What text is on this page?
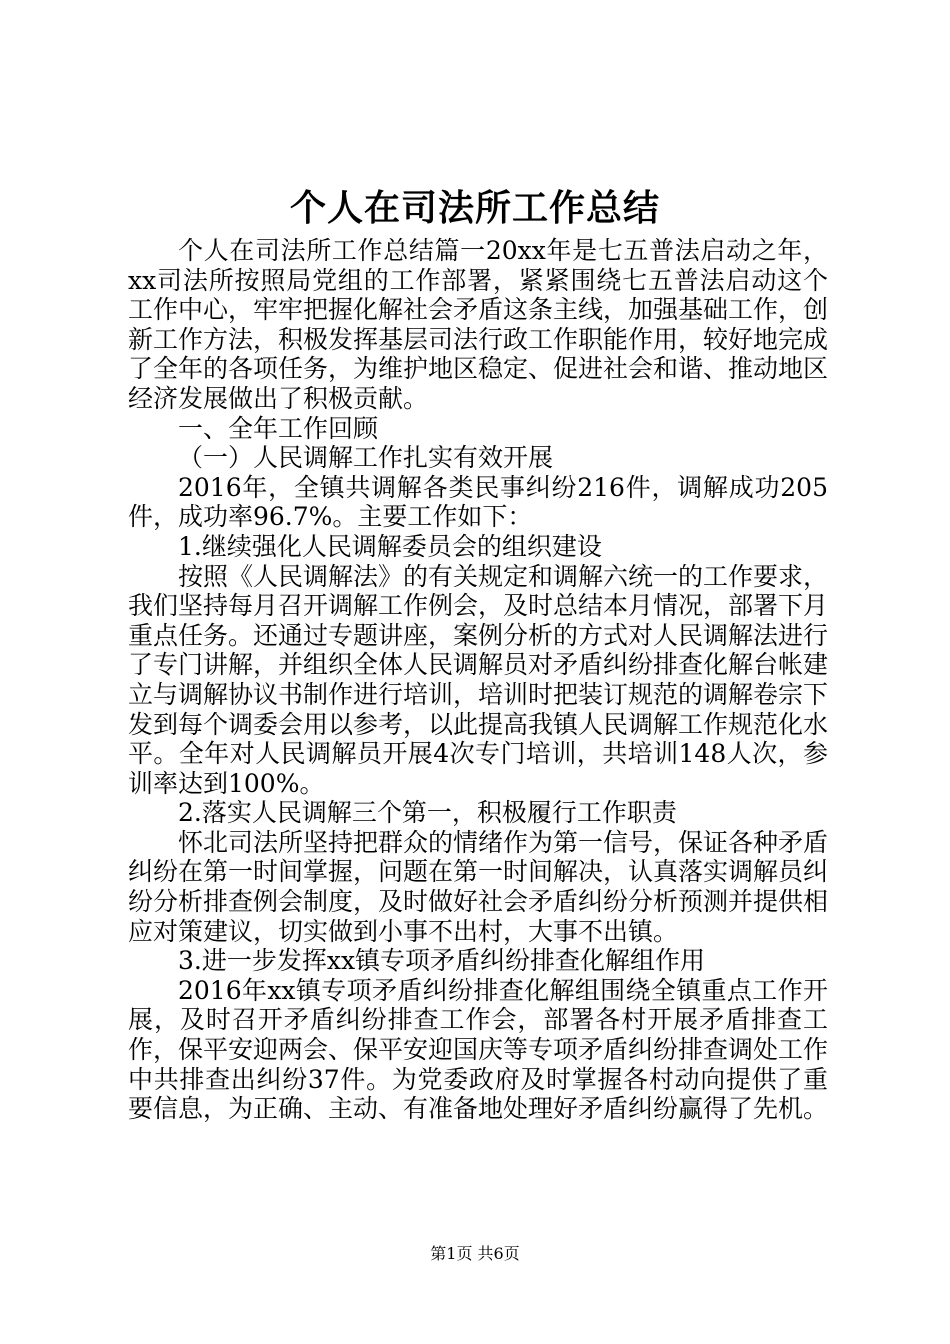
个人在司法所工作总结

个人在司法所工作总结篇一20xx年是七五普法启动之年，xx司法所按照局党组的工作部署，紧紧围绕七五普法启动这个工作中心，牢牢把握化解社会矛盾这条主线，加强基础工作，创新工作方法，积极发挥基层司法行政工作职能作用，较好地完成了全年的各项任务，为维护地区稳定、促进社会和谐、推动地区经济发展做出了积极贡献。

一、全年工作回顾

（一）人民调解工作扎实有效开展

2016年，全镇共调解各类民事纠纷216件，调解成功205件，成功率96.7%。主要工作如下：

1.继续强化人民调解委员会的组织建设

按照《人民调解法》的有关规定和调解六统一的工作要求，我们坚持每月召开调解工作例会，及时总结本月情况，部署下月重点任务。还通过专题讲座，案例分析的方式对人民调解法进行了专门讲解，并组织全体人民调解员对矛盾纠纷排查化解台帐建立与调解协议书制作进行培训，培训时把装订规范的调解卷宗下发到每个调委会用以参考，以此提高我镇人民调解工作规范化水平。全年对人民调解员开展4次专门培训，共培训148人次，参训率达到100%。

2.落实人民调解三个第一，积极履行工作职责

怀北司法所坚持把群众的情绪作为第一信号，保证各种矛盾纠纷在第一时间掌握，问题在第一时间解决，认真落实调解员纠纷分析排查例会制度，及时做好社会矛盾纠纷分析预测并提供相应对策建议，切实做到小事不出村，大事不出镇。

3.进一步发挥xx镇专项矛盾纠纷排查化解组作用

2016年xx镇专项矛盾纠纷排查化解组围绕全镇重点工作开展，及时召开矛盾纠纷排查工作会，部署各村开展矛盾排查工作，保平安迎两会、保平安迎国庆等专项矛盾纠纷排查调处工作中共排查出纠纷37件。为党委政府及时掌握各村动向提供了重要信息，为正确、主动、有准备地处理好矛盾纠纷赢得了先机。

第1页 共6页
